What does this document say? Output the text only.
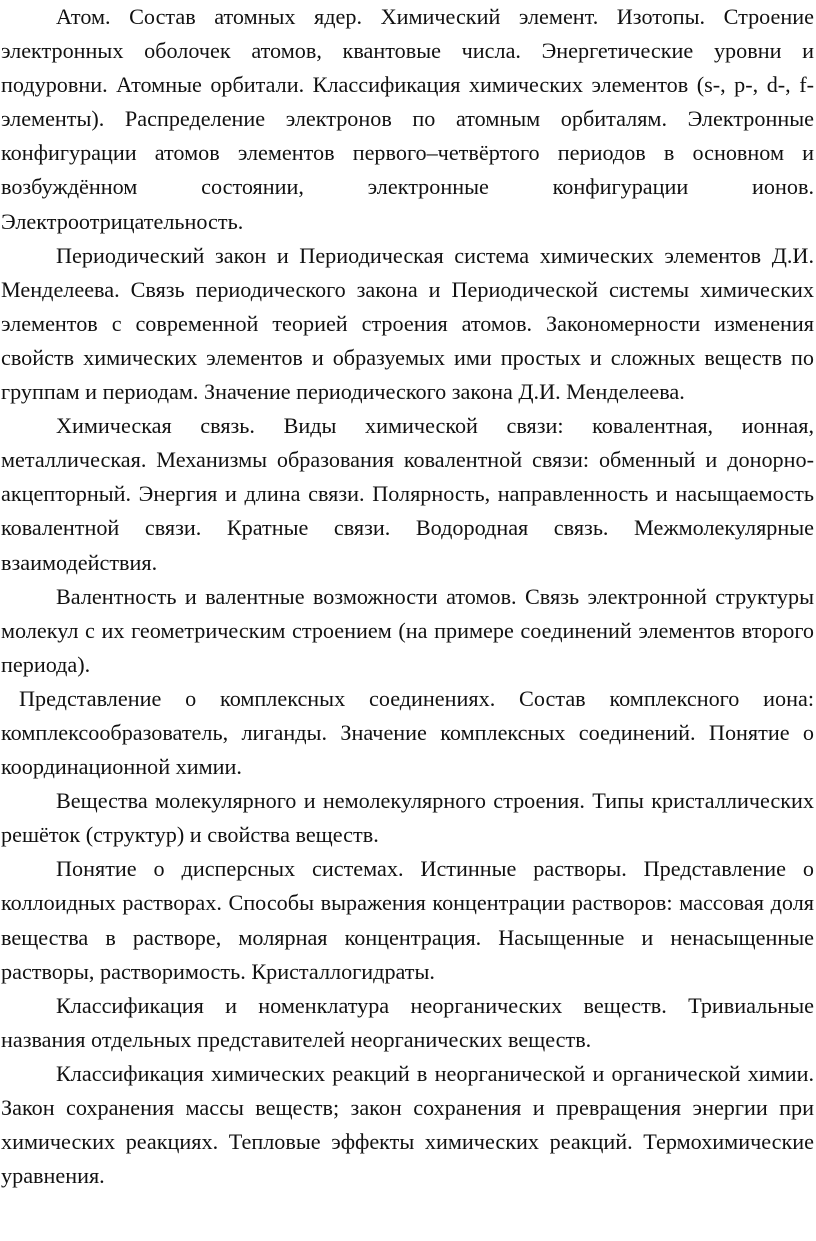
Атом. Состав атомных ядер. Химический элемент. Изотопы. Строение электронных оболочек атомов, квантовые числа. Энергетические уровни и подуровни. Атомные орбитали. Классификация химических элементов (s-, p-, d-, f-элементы). Распределение электронов по атомным орбиталям. Электронные конфигурации атомов элементов первого–четвёртого периодов в основном и возбуждённом состоянии, электронные конфигурации ионов. Электроотрицательность.

Периодический закон и Периодическая система химических элементов Д.И. Менделеева. Связь периодического закона и Периодической системы химических элементов с современной теорией строения атомов. Закономерности изменения свойств химических элементов и образуемых ими простых и сложных веществ по группам и периодам. Значение периодического закона Д.И. Менделеева.

Химическая связь. Виды химической связи: ковалентная, ионная, металлическая. Механизмы образования ковалентной связи: обменный и донорно-акцепторный. Энергия и длина связи. Полярность, направленность и насыщаемость ковалентной связи. Кратные связи. Водородная связь. Межмолекулярные взаимодействия.

Валентность и валентные возможности атомов. Связь электронной структуры молекул с их геометрическим строением (на примере соединений элементов второго периода).

Представление о комплексных соединениях. Состав комплексного иона: комплексообразователь, лиганды. Значение комплексных соединений. Понятие о координационной химии.

Вещества молекулярного и немолекулярного строения. Типы кристаллических решёток (структур) и свойства веществ.

Понятие о дисперсных системах. Истинные растворы. Представление о коллоидных растворах. Способы выражения концентрации растворов: массовая доля вещества в растворе, молярная концентрация. Насыщенные и ненасыщенные растворы, растворимость. Кристаллогидраты.

Классификация и номенклатура неорганических веществ. Тривиальные названия отдельных представителей неорганических веществ.

Классификация химических реакций в неорганической и органической химии. Закон сохранения массы веществ; закон сохранения и превращения энергии при химических реакциях. Тепловые эффекты химических реакций. Термохимические уравнения.
